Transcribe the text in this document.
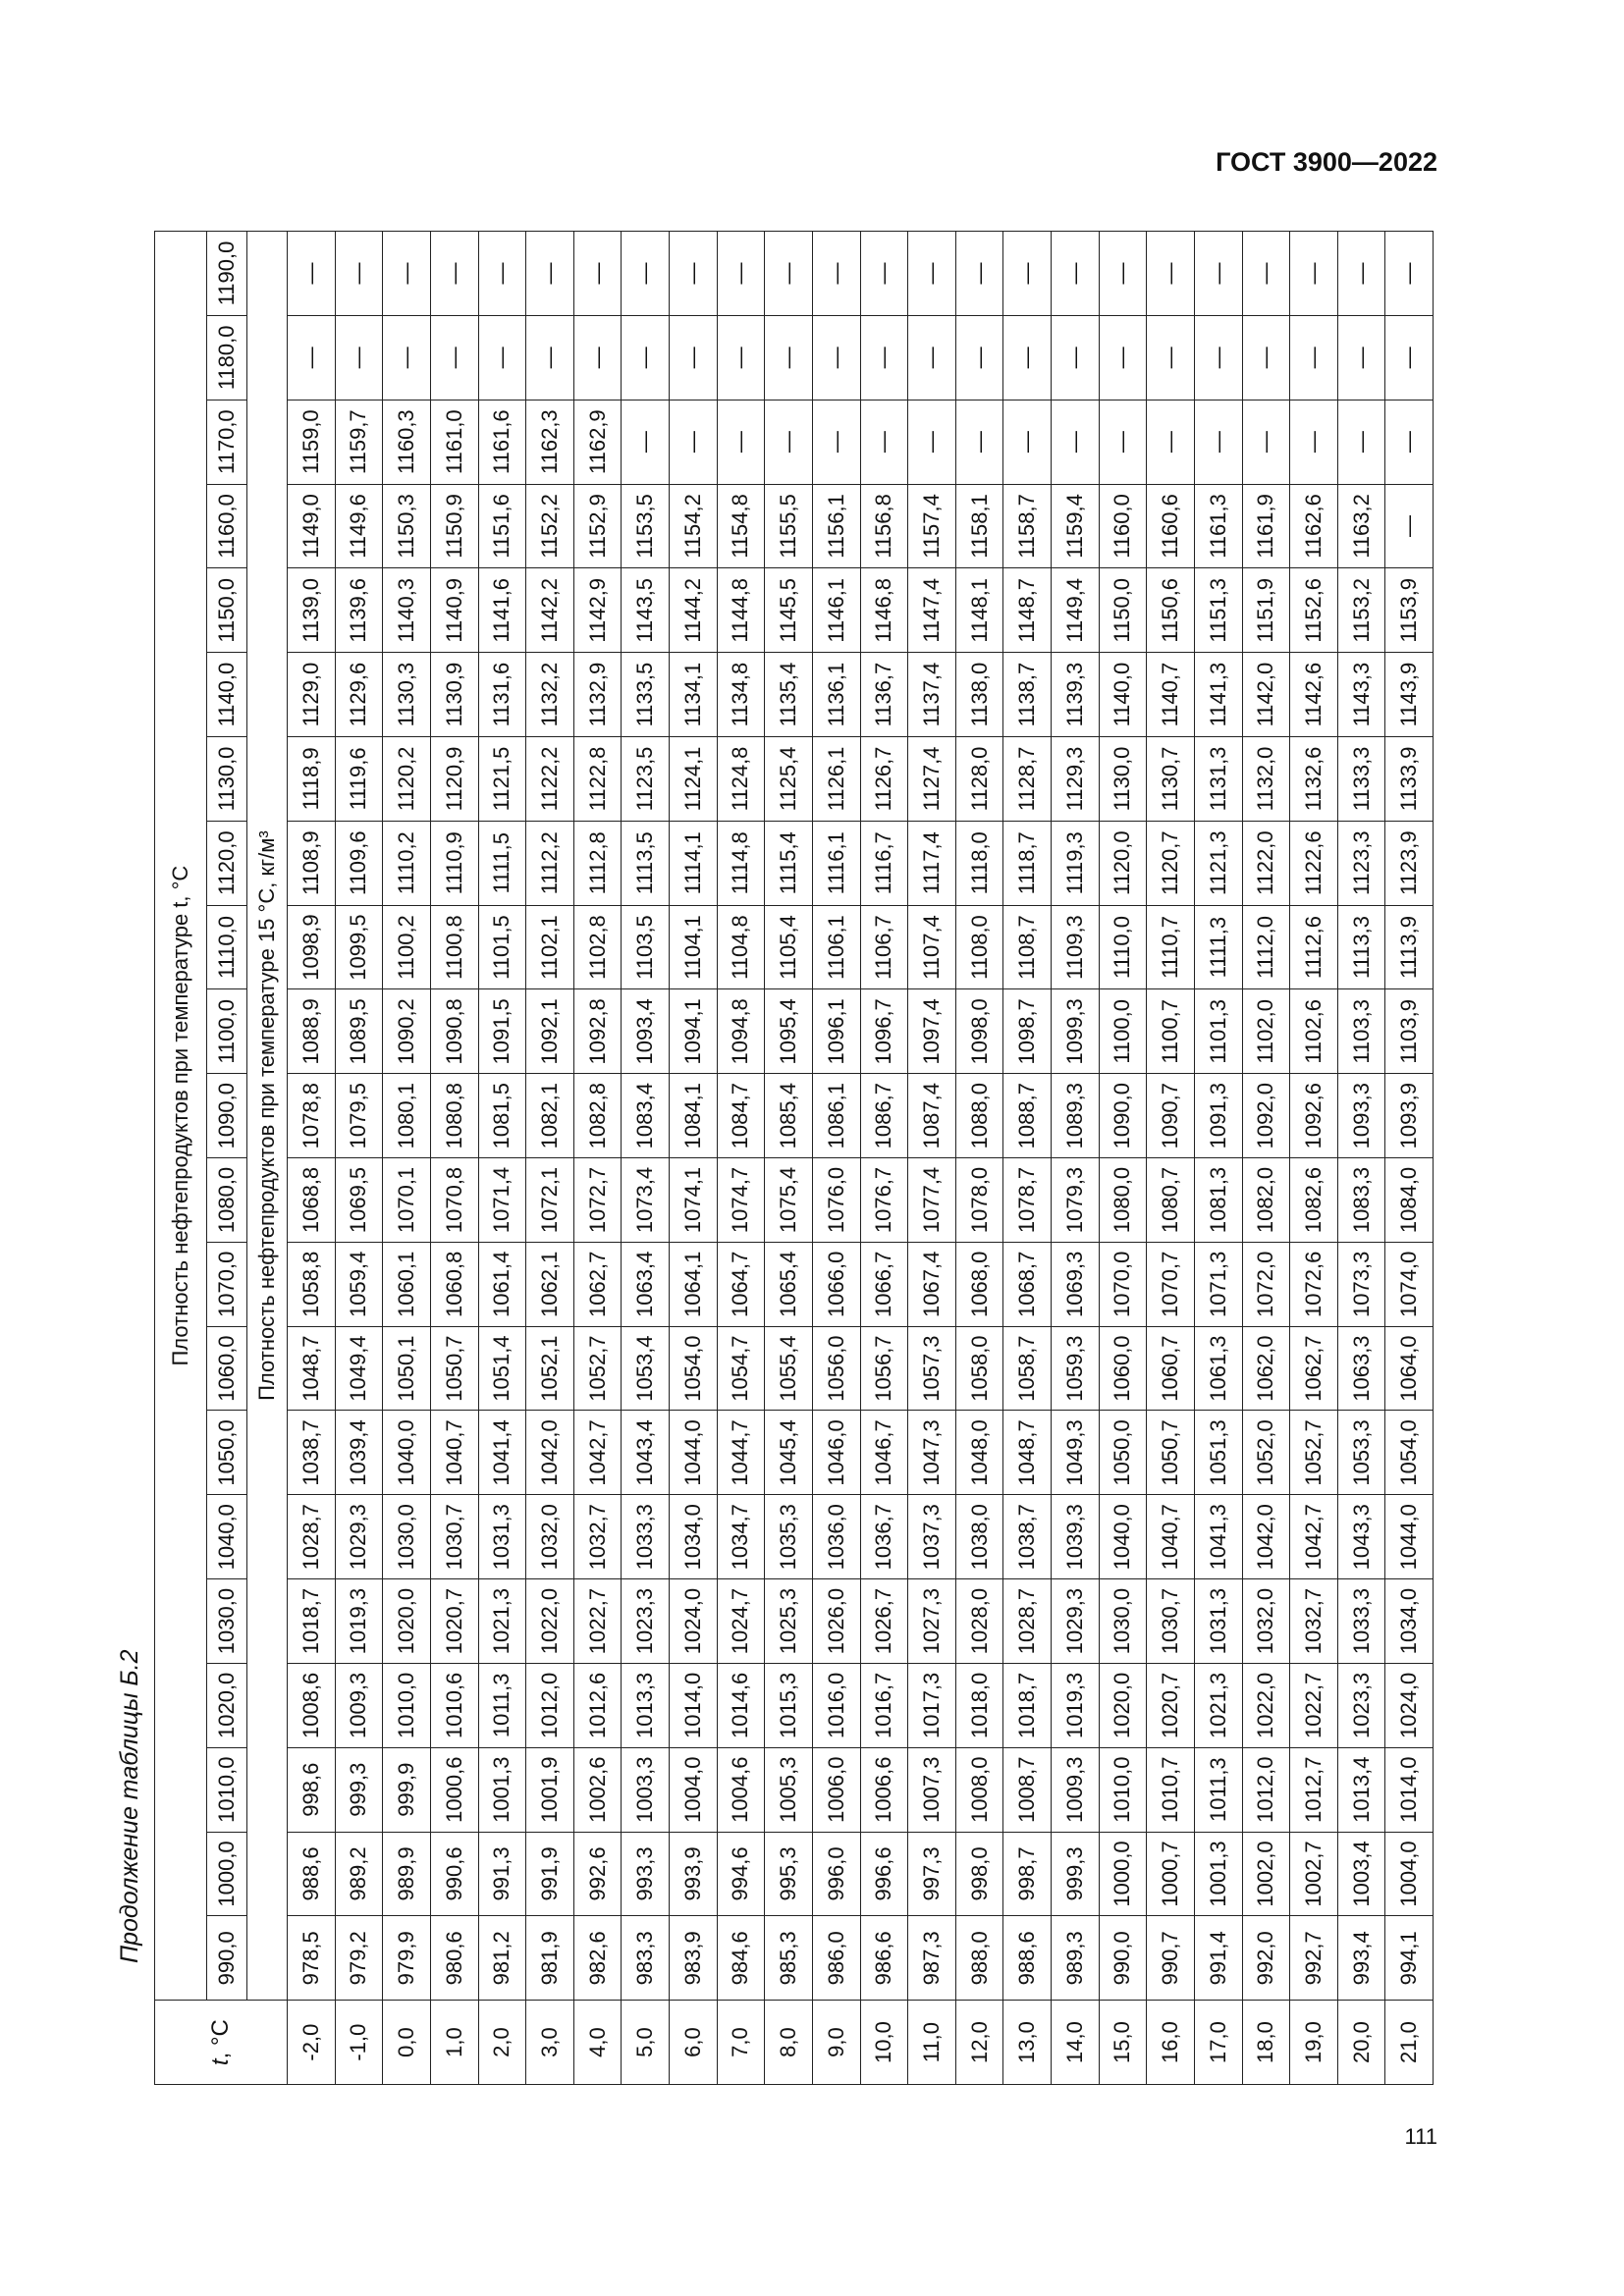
ГОСТ 3900—2022
Продолжение таблицы Б.2
t, °С	Плотность нефтепродуктов при температуре t, °С																				
	990,0	1000,0	1010,0	1020,0	1030,0	1040,0	1050,0	1060,0	1070,0	1080,0	1090,0	1100,0	1110,0	1120,0	1130,0	1140,0	1150,0	1160,0	1170,0	1180,0	1190,0
	Плотность нефтепродуктов при температуре 15 °С, кг/м³																				
-2,0	978,5	988,6	998,6	1008,6	1018,7	1028,7	1038,7	1048,7	1058,8	1068,8	1078,8	1088,9	1098,9	1108,9	1118,9	1129,0	1139,0	1149,0	1159,0	—	—
-1,0	979,2	989,2	999,3	1009,3	1019,3	1029,3	1039,4	1049,4	1059,4	1069,5	1079,5	1089,5	1099,5	1109,6	1119,6	1129,6	1139,6	1149,6	1159,7	—	—
0,0	979,9	989,9	999,9	1010,0	1020,0	1030,0	1040,0	1050,1	1060,1	1070,1	1080,1	1090,2	1100,2	1110,2	1120,2	1130,3	1140,3	1150,3	1160,3	—	—
1,0	980,6	990,6	1000,6	1010,6	1020,7	1030,7	1040,7	1050,7	1060,8	1070,8	1080,8	1090,8	1100,8	1110,9	1120,9	1130,9	1140,9	1150,9	1161,0	—	—
2,0	981,2	991,3	1001,3	1011,3	1021,3	1031,3	1041,4	1051,4	1061,4	1071,4	1081,5	1091,5	1101,5	1111,5	1121,5	1131,6	1141,6	1151,6	1161,6	—	—
3,0	981,9	991,9	1001,9	1012,0	1022,0	1032,0	1042,0	1052,1	1062,1	1072,1	1082,1	1092,1	1102,1	1112,2	1122,2	1132,2	1142,2	1152,2	1162,3	—	—
4,0	982,6	992,6	1002,6	1012,6	1022,7	1032,7	1042,7	1052,7	1062,7	1072,7	1082,8	1092,8	1102,8	1112,8	1122,8	1132,9	1142,9	1152,9	1162,9	—	—
5,0	983,3	993,3	1003,3	1013,3	1023,3	1033,3	1043,4	1053,4	1063,4	1073,4	1083,4	1093,4	1103,5	1113,5	1123,5	1133,5	1143,5	1153,5	—	—	—
6,0	983,9	993,9	1004,0	1014,0	1024,0	1034,0	1044,0	1054,0	1064,1	1074,1	1084,1	1094,1	1104,1	1114,1	1124,1	1134,1	1144,2	1154,2	—	—	—
7,0	984,6	994,6	1004,6	1014,6	1024,7	1034,7	1044,7	1054,7	1064,7	1074,7	1084,7	1094,8	1104,8	1114,8	1124,8	1134,8	1144,8	1154,8	—	—	—
8,0	985,3	995,3	1005,3	1015,3	1025,3	1035,3	1045,4	1055,4	1065,4	1075,4	1085,4	1095,4	1105,4	1115,4	1125,4	1135,4	1145,5	1155,5	—	—	—
9,0	986,0	996,0	1006,0	1016,0	1026,0	1036,0	1046,0	1056,0	1066,0	1076,0	1086,1	1096,1	1106,1	1116,1	1126,1	1136,1	1146,1	1156,1	—	—	—
10,0	986,6	996,6	1006,6	1016,7	1026,7	1036,7	1046,7	1056,7	1066,7	1076,7	1086,7	1096,7	1106,7	1116,7	1126,7	1136,7	1146,8	1156,8	—	—	—
11,0	987,3	997,3	1007,3	1017,3	1027,3	1037,3	1047,3	1057,3	1067,4	1077,4	1087,4	1097,4	1107,4	1117,4	1127,4	1137,4	1147,4	1157,4	—	—	—
12,0	988,0	998,0	1008,0	1018,0	1028,0	1038,0	1048,0	1058,0	1068,0	1078,0	1088,0	1098,0	1108,0	1118,0	1128,0	1138,0	1148,1	1158,1	—	—	—
13,0	988,6	998,7	1008,7	1018,7	1028,7	1038,7	1048,7	1058,7	1068,7	1078,7	1088,7	1098,7	1108,7	1118,7	1128,7	1138,7	1148,7	1158,7	—	—	—
14,0	989,3	999,3	1009,3	1019,3	1029,3	1039,3	1049,3	1059,3	1069,3	1079,3	1089,3	1099,3	1109,3	1119,3	1129,3	1139,3	1149,4	1159,4	—	—	—
15,0	990,0	1000,0	1010,0	1020,0	1030,0	1040,0	1050,0	1060,0	1070,0	1080,0	1090,0	1100,0	1110,0	1120,0	1130,0	1140,0	1150,0	1160,0	—	—	—
16,0	990,7	1000,7	1010,7	1020,7	1030,7	1040,7	1050,7	1060,7	1070,7	1080,7	1090,7	1100,7	1110,7	1120,7	1130,7	1140,7	1150,6	1160,6	—	—	—
17,0	991,4	1001,3	1011,3	1021,3	1031,3	1041,3	1051,3	1061,3	1071,3	1081,3	1091,3	1101,3	1111,3	1121,3	1131,3	1141,3	1151,3	1161,3	—	—	—
18,0	992,0	1002,0	1012,0	1022,0	1032,0	1042,0	1052,0	1062,0	1072,0	1082,0	1092,0	1102,0	1112,0	1122,0	1132,0	1142,0	1151,9	1161,9	—	—	—
19,0	992,7	1002,7	1012,7	1022,7	1032,7	1042,7	1052,7	1062,7	1072,6	1082,6	1092,6	1102,6	1112,6	1122,6	1132,6	1142,6	1152,6	1162,6	—	—	—
20,0	993,4	1003,4	1013,4	1023,3	1033,3	1043,3	1053,3	1063,3	1073,3	1083,3	1093,3	1103,3	1113,3	1123,3	1133,3	1143,3	1153,2	1163,2	—	—	—
21,0	994,1	1004,0	1014,0	1024,0	1034,0	1044,0	1054,0	1064,0	1074,0	1084,0	1093,9	1103,9	1113,9	1123,9	1133,9	1143,9	1153,9	—	—	—	—
111
